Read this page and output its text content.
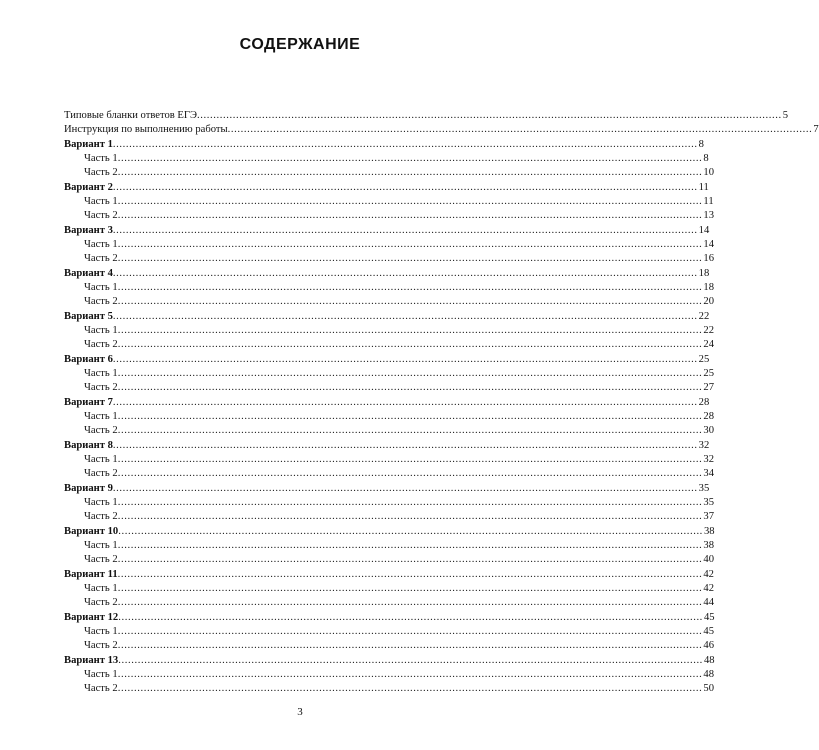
СОДЕРЖАНИЕ
Типовые бланки ответов ЕГЭ .................................................................................................................................................................................... 5
Инструкция по выполнению работы .................................................................................................................................................................................... 7
Вариант 1 .................................................................................................................................................................................... 8
Часть 1 .................................................................................................................................................................................... 8
Часть 2 .................................................................................................................................................................................... 10
Вариант 2 .................................................................................................................................................................................... 11
Часть 1 .................................................................................................................................................................................... 11
Часть 2 .................................................................................................................................................................................... 13
Вариант 3 .................................................................................................................................................................................... 14
Часть 1 .................................................................................................................................................................................... 14
Часть 2 .................................................................................................................................................................................... 16
Вариант 4 .................................................................................................................................................................................... 18
Часть 1 .................................................................................................................................................................................... 18
Часть 2 .................................................................................................................................................................................... 20
Вариант 5 .................................................................................................................................................................................... 22
Часть 1 .................................................................................................................................................................................... 22
Часть 2 .................................................................................................................................................................................... 24
Вариант 6 .................................................................................................................................................................................... 25
Часть 1 .................................................................................................................................................................................... 25
Часть 2 .................................................................................................................................................................................... 27
Вариант 7 .................................................................................................................................................................................... 28
Часть 1 .................................................................................................................................................................................... 28
Часть 2 .................................................................................................................................................................................... 30
Вариант 8 .................................................................................................................................................................................... 32
Часть 1 .................................................................................................................................................................................... 32
Часть 2 .................................................................................................................................................................................... 34
Вариант 9 .................................................................................................................................................................................... 35
Часть 1 .................................................................................................................................................................................... 35
Часть 2 .................................................................................................................................................................................... 37
Вариант 10 .................................................................................................................................................................................... 38
Часть 1 .................................................................................................................................................................................... 38
Часть 2 .................................................................................................................................................................................... 40
Вариант 11 .................................................................................................................................................................................... 42
Часть 1 .................................................................................................................................................................................... 42
Часть 2 .................................................................................................................................................................................... 44
Вариант 12 .................................................................................................................................................................................... 45
Часть 1 .................................................................................................................................................................................... 45
Часть 2 .................................................................................................................................................................................... 46
Вариант 13 .................................................................................................................................................................................... 48
Часть 1 .................................................................................................................................................................................... 48
Часть 2 .................................................................................................................................................................................... 50
3
